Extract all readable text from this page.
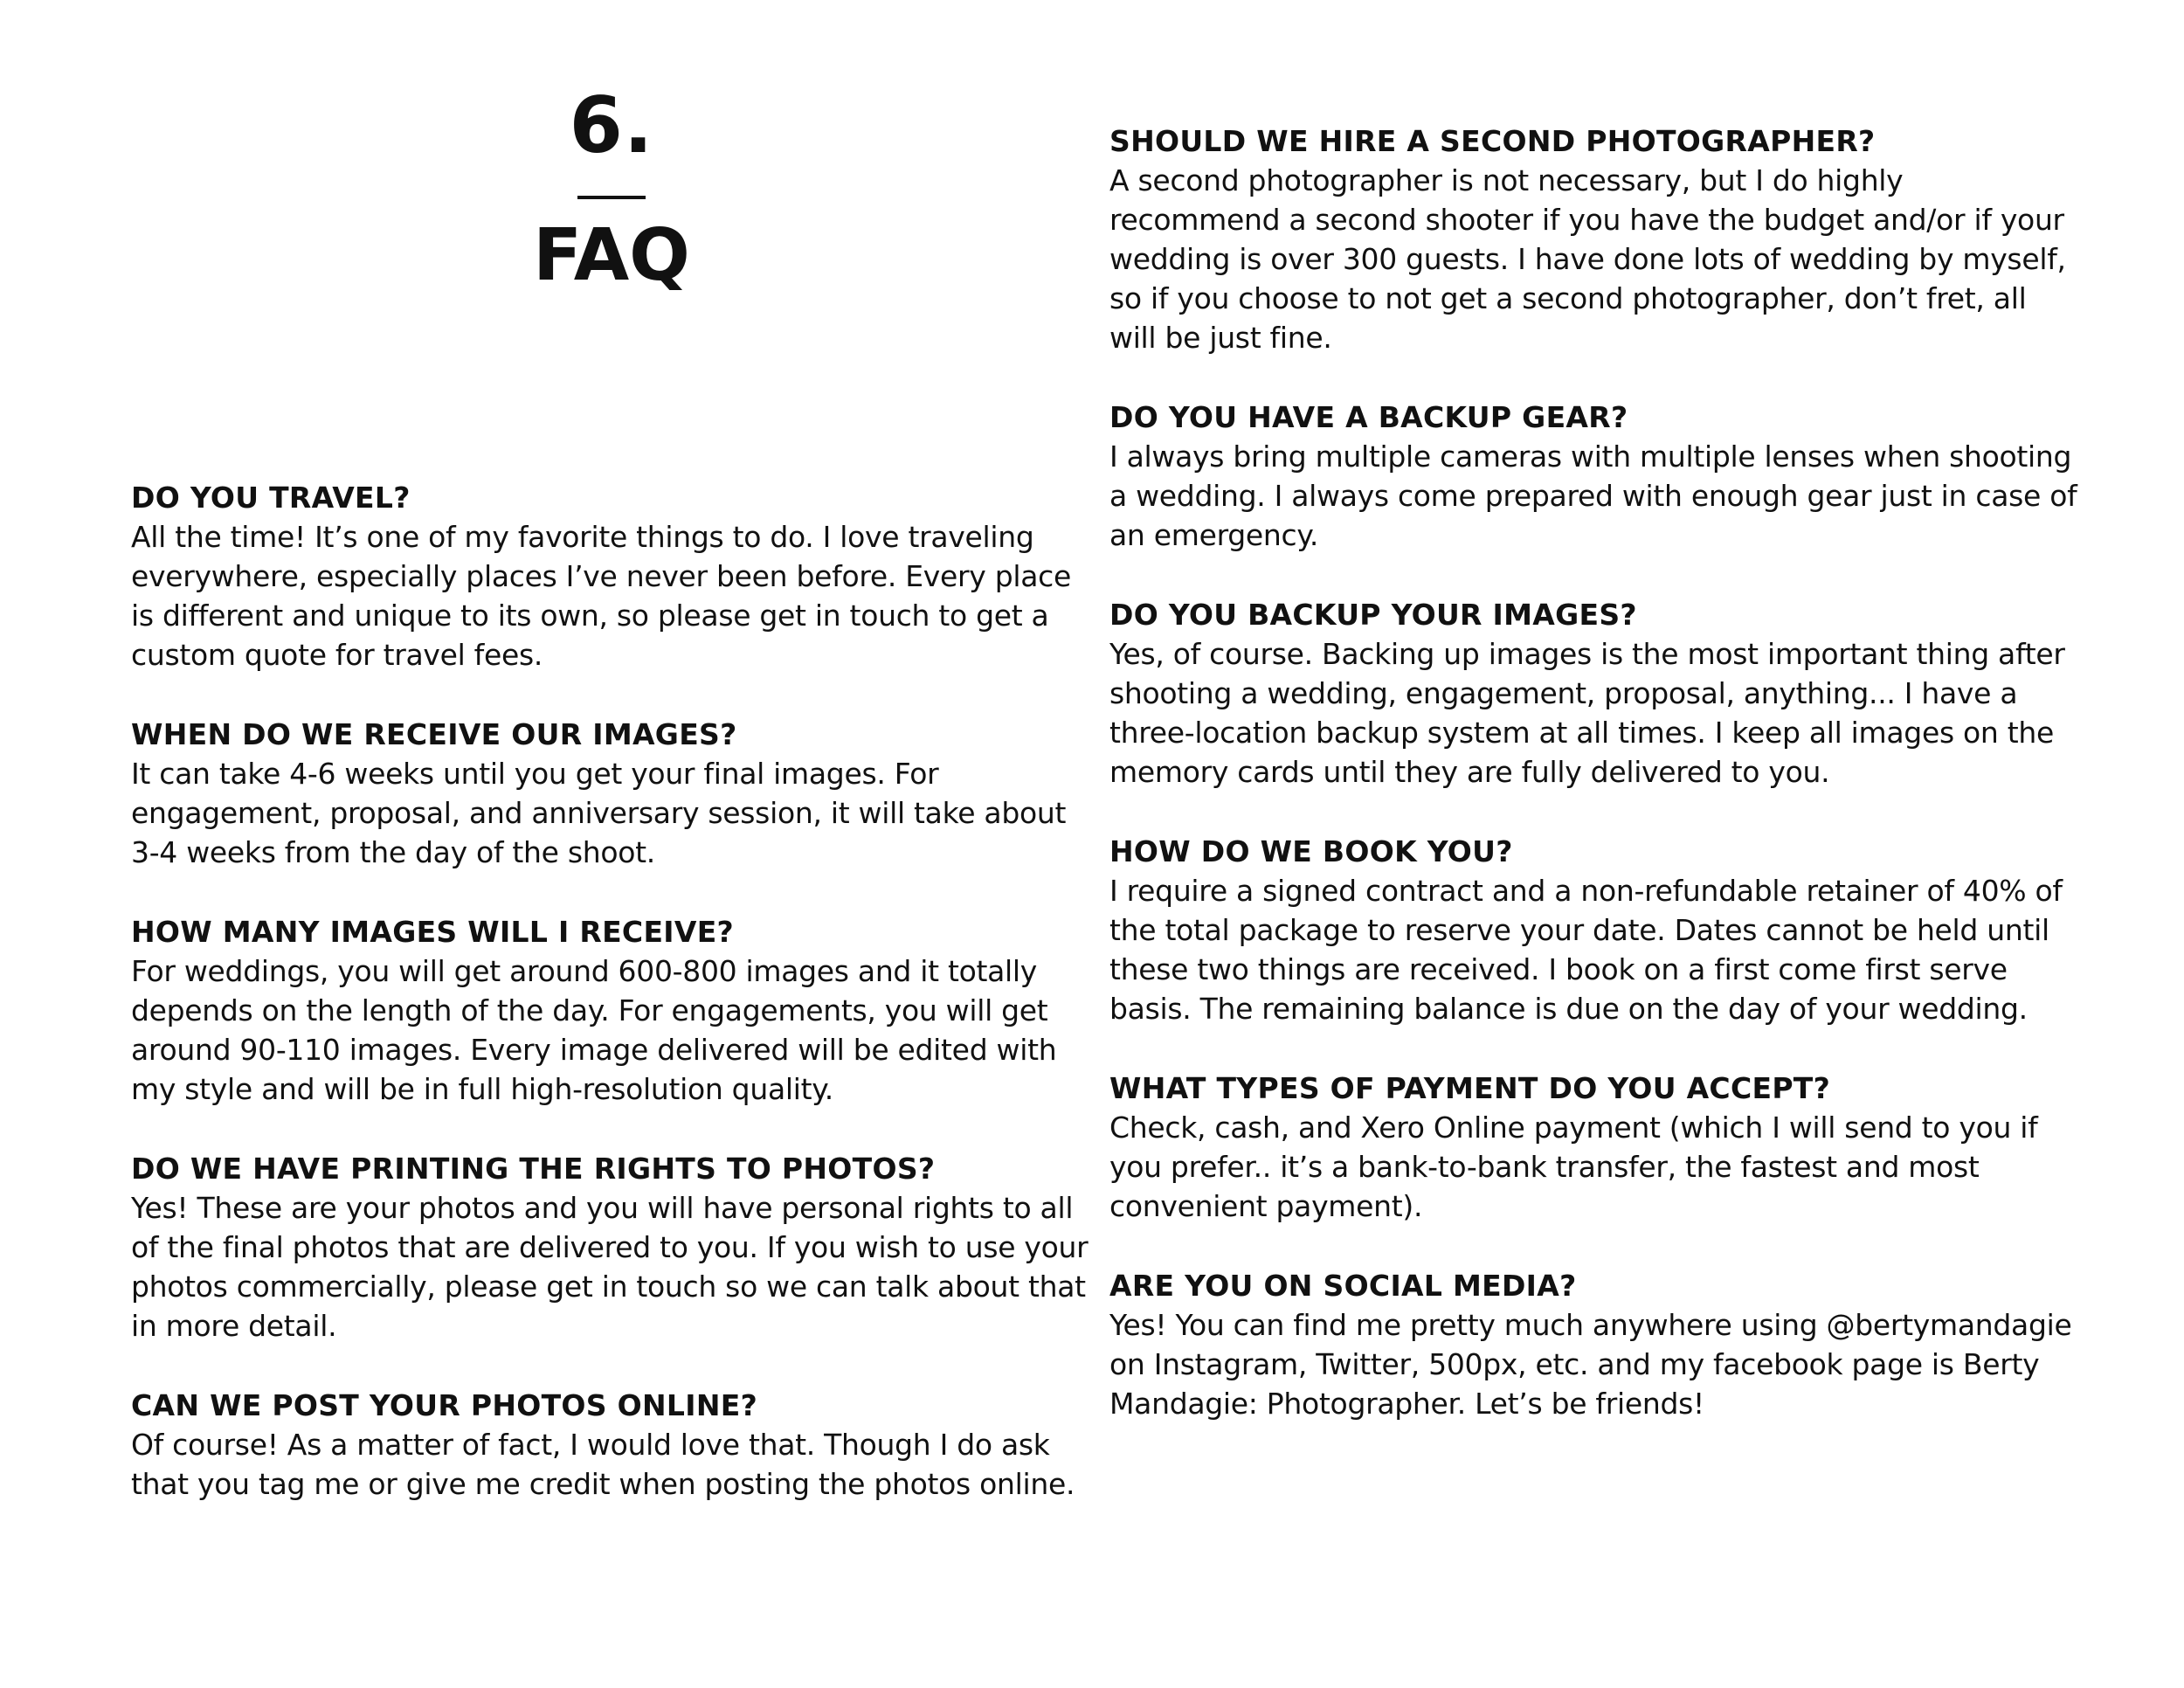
6.
FAQ
DO YOU TRAVEL?
All the time! It’s one of my favorite things to do. I love traveling everywhere, especially places I’ve never been before. Every place is different and unique to its own, so please get in touch to get a custom quote for travel fees.
WHEN DO WE RECEIVE OUR IMAGES?
It can take 4-6 weeks until you get your final images. For engagement, proposal, and anniversary session, it will take about 3-4 weeks from the day of the shoot.
HOW MANY IMAGES WILL I RECEIVE?
For weddings, you will get around 600-800 images and it totally depends on the length of the day. For engagements, you will get around 90-110 images. Every image delivered will be edited with my style and will be in full high-resolution quality.
DO WE HAVE PRINTING THE RIGHTS TO PHOTOS?
Yes! These are your photos and you will have personal rights to all of the final photos that are delivered to you. If you wish to use your photos commercially, please get in touch so we can talk about that in more detail.
CAN WE POST YOUR PHOTOS ONLINE?
Of course! As a matter of fact, I would love that. Though I do ask that you tag me or give me credit when posting the photos online.
SHOULD WE HIRE A SECOND PHOTOGRAPHER?
A second photographer is not necessary, but I do highly recommend a second shooter if you have the budget and/or if your wedding is over 300 guests. I have done lots of wedding by myself, so if you choose to not get a second photographer, don’t fret, all will be just fine.
DO YOU HAVE A BACKUP GEAR?
I always bring multiple cameras with multiple lenses when shooting a wedding. I always come prepared with enough gear just in case of an emergency.
DO YOU BACKUP YOUR IMAGES?
Yes, of course. Backing up images is the most important thing after shooting a wedding, engagement, proposal, anything... I have a three-location backup system at all times. I keep all images on the memory cards until they are fully delivered to you.
HOW DO WE BOOK YOU?
I require a signed contract and a non-refundable retainer of 40% of the total package to reserve your date. Dates cannot be held until these two things are received. I book on a first come first serve basis. The remaining balance is due on the day of your wedding.
WHAT TYPES OF PAYMENT DO YOU ACCEPT?
Check, cash, and Xero Online payment (which I will send to you if you prefer.. it’s a bank-to-bank transfer, the fastest and most convenient payment).
ARE YOU ON SOCIAL MEDIA?
Yes! You can find me pretty much anywhere using @bertymandagie on Instagram, Twitter, 500px, etc. and my facebook page is Berty Mandagie: Photographer. Let’s be friends!
